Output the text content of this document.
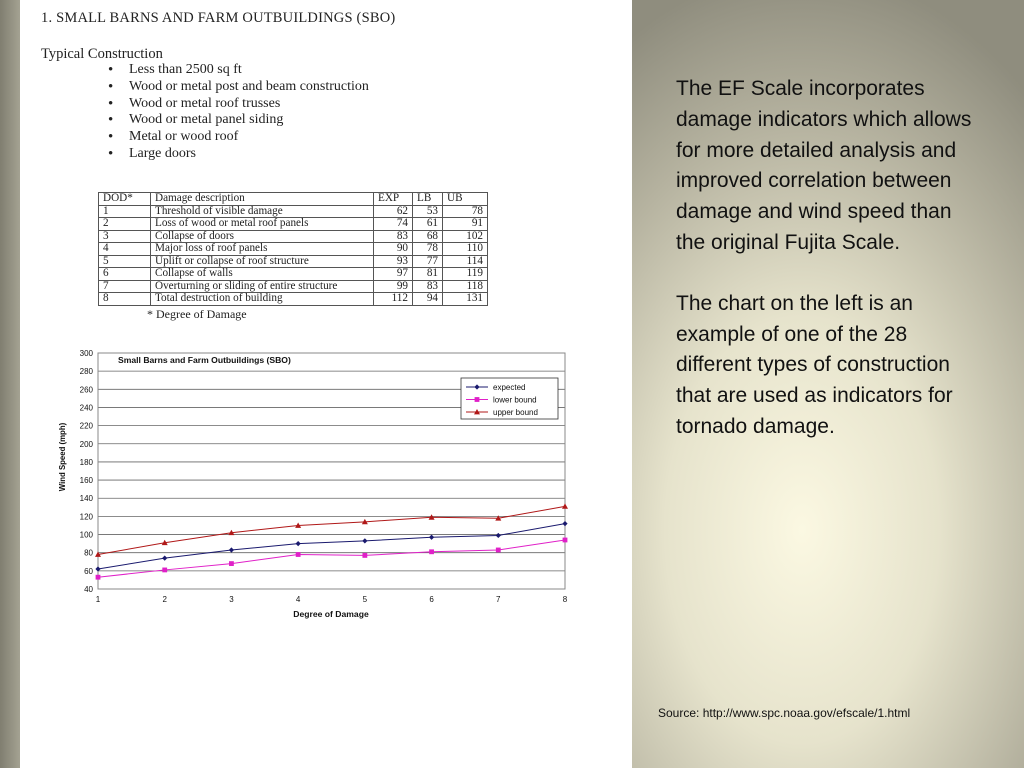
1. SMALL BARNS AND FARM OUTBUILDINGS (SBO)
Typical Construction
• Less than 2500 sq ft
• Wood or metal post and beam construction
• Wood or metal roof trusses
• Wood or metal panel siding
• Metal or wood roof
• Large doors
DOD*	Damage description	EXP	LB	UB
1	Threshold of visible damage	62	53	78
2	Loss of wood or metal roof panels	74	61	91
3	Collapse of doors	83	68	102
4	Major loss of roof panels	90	78	110
5	Uplift or collapse of roof structure	93	77	114
6	Collapse of walls	97	81	119
7	Overturning or sliding of entire structure	99	83	118
8	Total destruction of building	112	94	131
* Degree of Damage
40
60
80
100
120
140
160
180
200
220
240
260
280
300
1	2	3	4	5	6	7	8
Small Barns and Farm Outbuildings (SBO)
Degree of Damage
Wind Speed (mph)
expected
lower bound
upper bound

The EF Scale incorporates damage indicators which allows for more detailed analysis and improved correlation between damage and wind speed than the original Fujita Scale.

The chart on the left is an example of one of the 28 different types of construction that are used as indicators for tornado damage.

Source: http://www.spc.noaa.gov/efscale/1.html
